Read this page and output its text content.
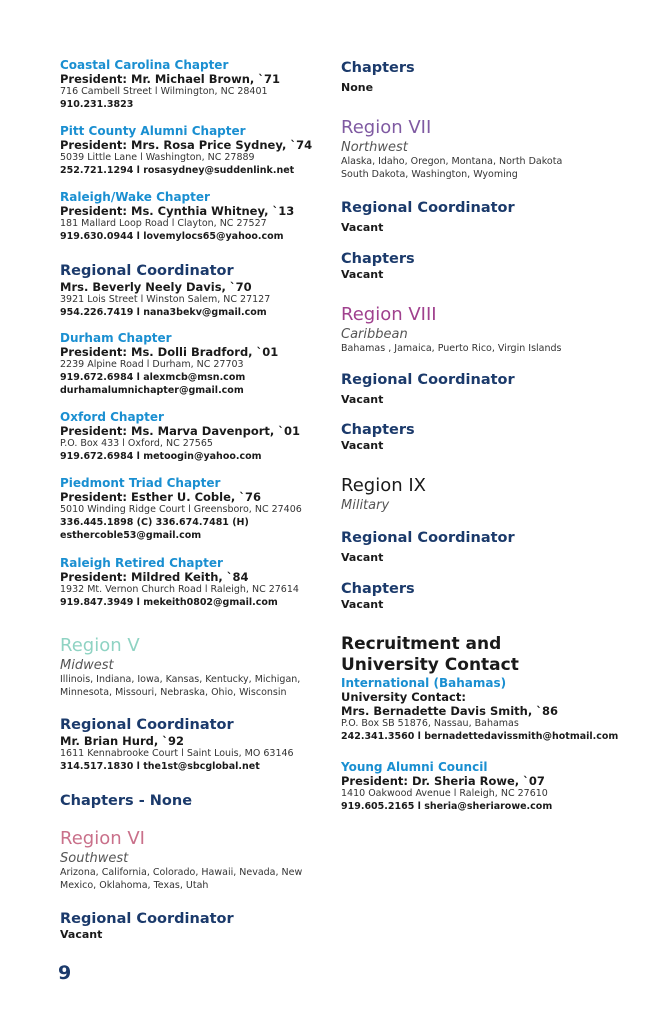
Coastal Carolina Chapter
President: Mr. Michael Brown, `71
716 Cambell Street l Wilmington, NC 28401
910.231.3823
Pitt County Alumni Chapter
President: Mrs. Rosa Price Sydney, `74
5039 Little Lane l Washington, NC 27889
252.721.1294 l rosasydney@suddenlink.net
Raleigh/Wake Chapter
President: Ms. Cynthia Whitney, `13
181 Mallard Loop Road l Clayton, NC 27527
919.630.0944 l lovemylocs65@yahoo.com
Regional Coordinator
Mrs. Beverly Neely Davis, `70
3921 Lois Street l Winston Salem, NC 27127
954.226.7419 l nana3bekv@gmail.com
Durham Chapter
President: Ms. Dolli Bradford, `01
2239 Alpine Road l Durham, NC 27703
919.672.6984 l alexmcb@msn.com
durhamalumnichapter@gmail.com
Oxford Chapter
President: Ms. Marva Davenport, `01
P.O. Box 433 l Oxford, NC 27565
919.672.6984 l metoogin@yahoo.com
Piedmont Triad Chapter
President: Esther U. Coble, `76
5010 Winding Ridge Court l Greensboro, NC 27406
336.445.1898 (C) 336.674.7481 (H)
esthercoble53@gmail.com
Raleigh Retired Chapter
President: Mildred Keith, `84
1932 Mt. Vernon Church Road l Raleigh, NC 27614
919.847.3949 l mekeith0802@gmail.com
Region V
Midwest
Illinois, Indiana, Iowa, Kansas, Kentucky, Michigan, Minnesota, Missouri, Nebraska, Ohio, Wisconsin
Regional Coordinator
Mr. Brian Hurd, `92
1611 Kennabrooke Court l Saint Louis, MO 63146
314.517.1830 l the1st@sbcglobal.net
Chapters - None
Region VI
Southwest
Arizona, California, Colorado, Hawaii, Nevada, New Mexico, Oklahoma, Texas, Utah
Regional Coordinator
Vacant
9
Chapters
None
Region VII
Northwest
Alaska, Idaho, Oregon, Montana, North Dakota South Dakota, Washington, Wyoming
Regional Coordinator
Vacant
Chapters
Vacant
Region VIII
Caribbean
Bahamas , Jamaica, Puerto Rico, Virgin Islands
Regional Coordinator
Vacant
Chapters
Vacant
Region IX
Military
Regional Coordinator
Vacant
Chapters
Vacant
Recruitment and
University Contact
International (Bahamas)
University Contact:
Mrs. Bernadette Davis Smith, `86
P.O. Box SB 51876, Nassau, Bahamas
242.341.3560 l bernadettedavissmith@hotmail.com
Young Alumni Council
President: Dr. Sheria Rowe, `07
1410 Oakwood Avenue l Raleigh, NC 27610
919.605.2165 l sheria@sheriarowe.com
